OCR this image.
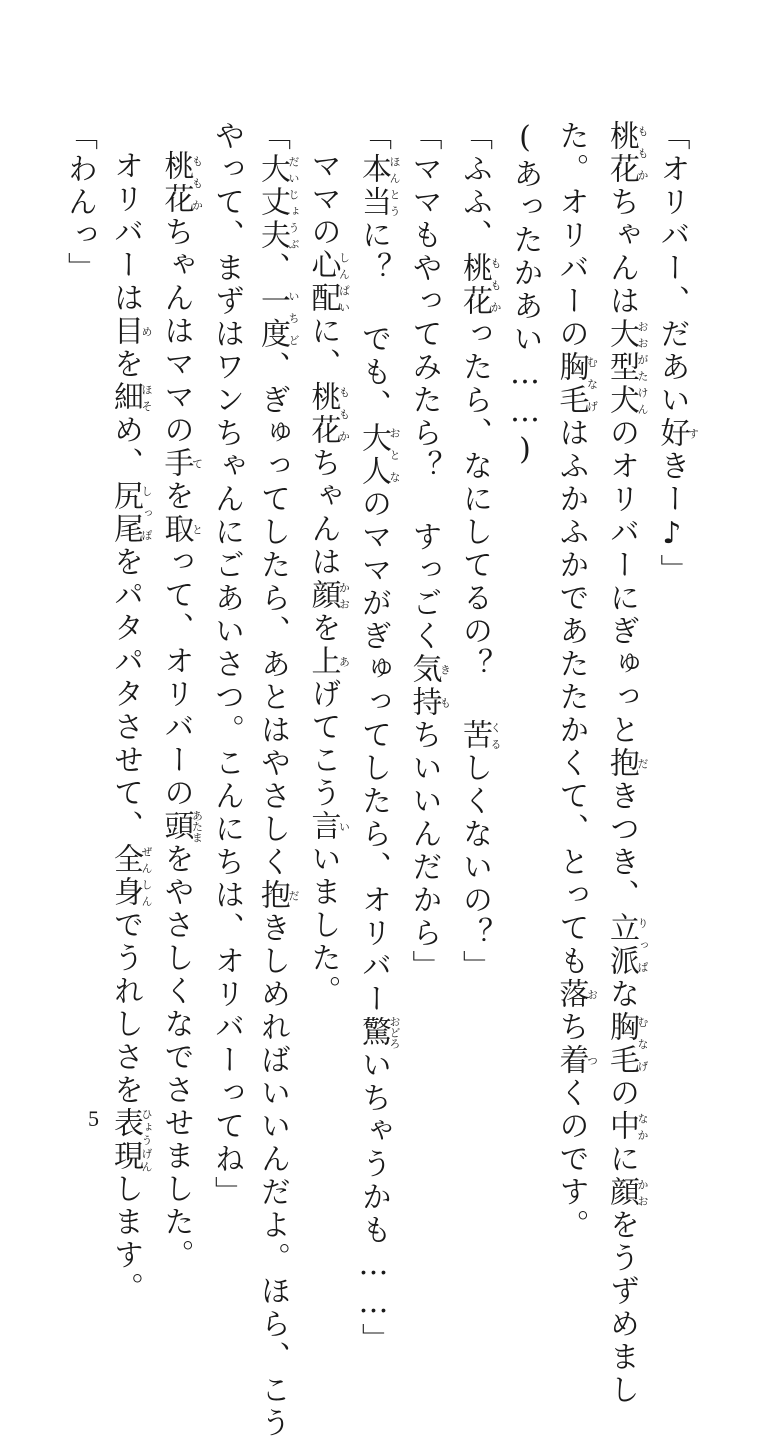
「オリバー、だあい好すきー♪」
桃花ももかちゃんは大型犬おおがたけんのオリバーにぎゅっと抱だきつき、立派りっぱな胸毛むなげの中なかに顔かおをうずめまし
た。オリバーの胸毛むなげはふかふかであたたかくて、とっても落おち着つくのです。
(あったかあい……)
「ふふ、桃花ももかったら、なにしてるの？ 苦くるしくないの？」
「ママもやってみたら？ すっごく気持きもちいいんだから」
「本当ほんとうに？ でも、大人おとなのママがぎゅってしたら、オリバー驚おどろいちゃうかも……」
ママの心配しんぱいに、桃花ももかちゃんは顔かおを上あげてこう言いいました。
「大丈夫だいじょうぶ、一度いちど、ぎゅってしたら、あとはやさしく抱だきしめればいいんだよ。ほら、こう
やって、まずはワンちゃんにごあいさつ。こんにちは、オリバーってね」
桃花ももかちゃんはママの手てを取とって、オリバーの頭あたまをやさしくなでさせました。
オリバーは目めを細ほそめ、尻尾しっぽをパタパタさせて、全身ぜんしんでうれしさを表現ひょうげんします。
「わんっ」
5
